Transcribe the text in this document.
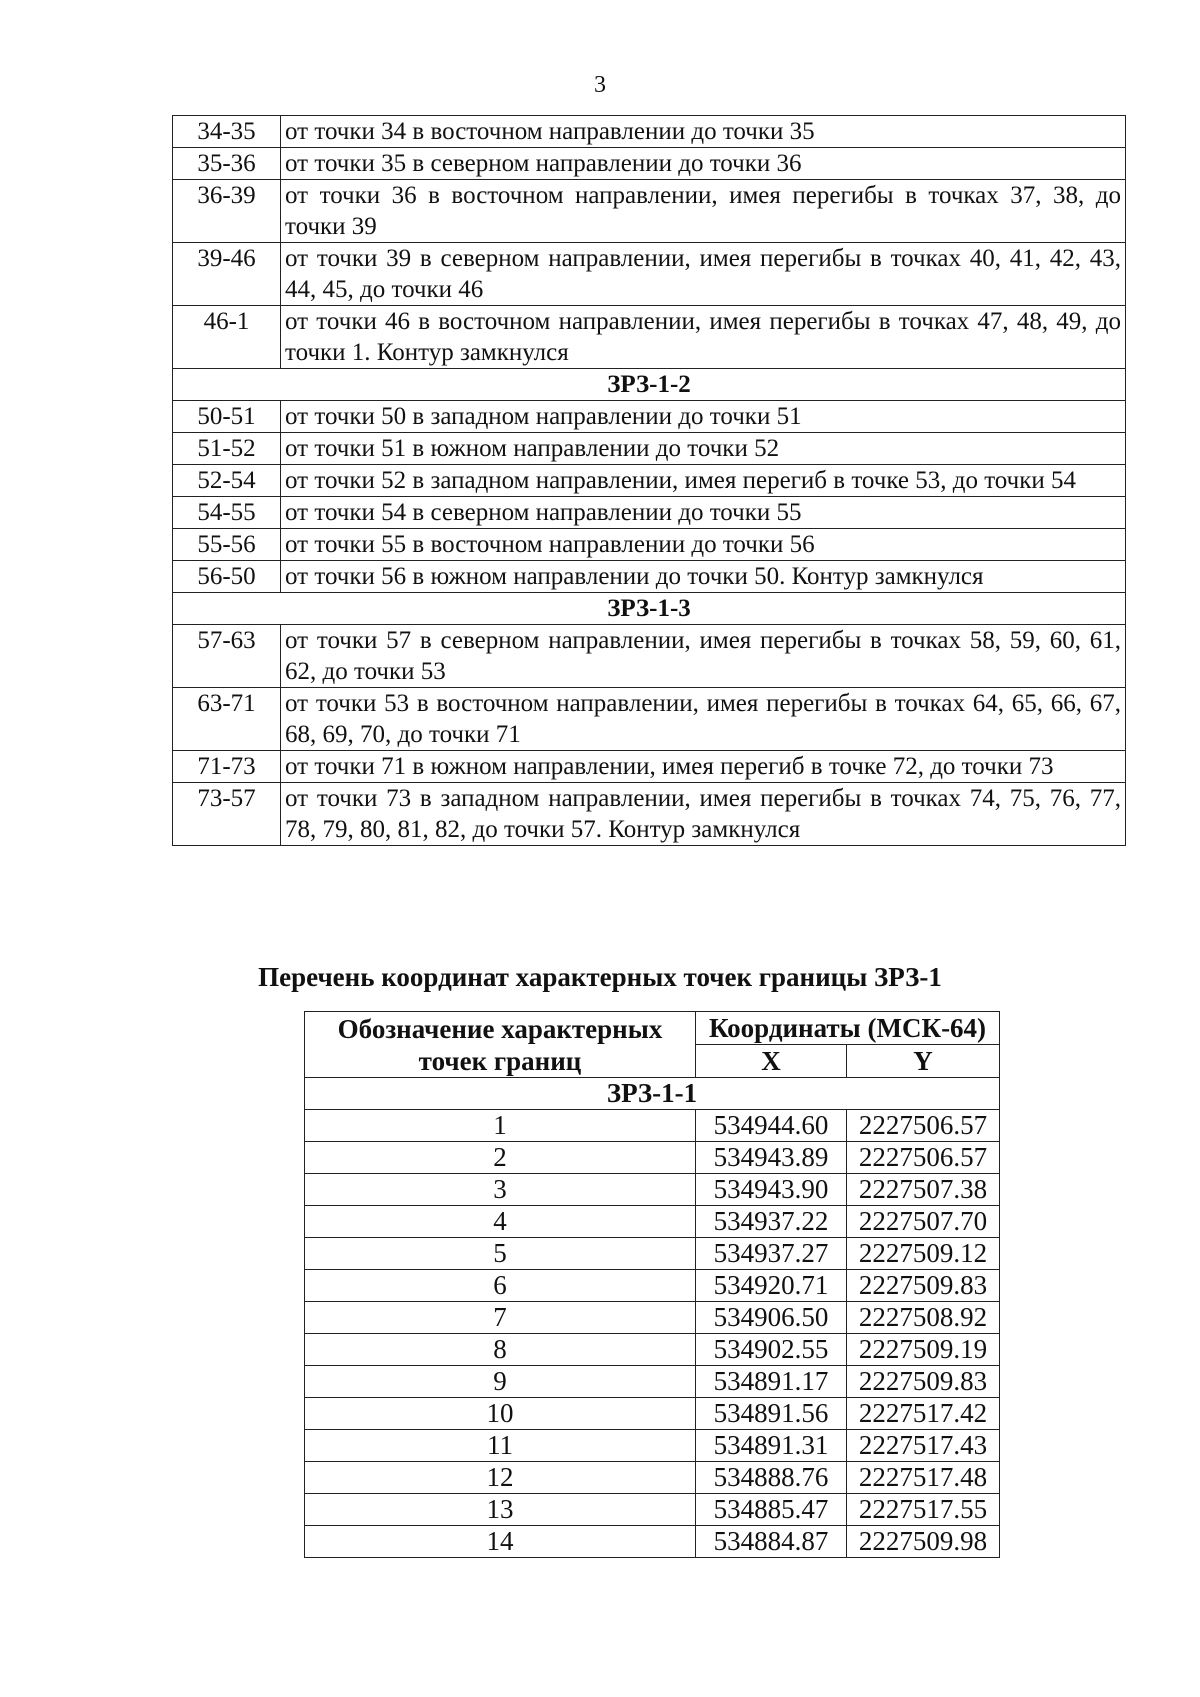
3
34-35	от точки 34 в восточном направлении до точки 35
35-36	от точки 35 в северном направлении до точки 36
36-39	от точки 36 в восточном направлении, имея перегибы в точках 37, 38, до точки 39
39-46	от точки 39 в северном направлении, имея перегибы в точках 40, 41, 42, 43, 44, 45, до точки 46
46-1	от точки 46 в восточном направлении, имея перегибы в точках 47, 48, 49, до точки 1. Контур замкнулся
ЗРЗ-1-2	
50-51	от точки 50 в западном направлении до точки 51
51-52	от точки 51 в южном направлении до точки 52
52-54	от точки 52 в западном направлении, имея перегиб в точке 53, до точки 54
54-55	от точки 54 в северном направлении до точки 55
55-56	от точки 55 в восточном направлении до точки 56
56-50	от точки 56 в южном направлении до точки 50. Контур замкнулся
ЗРЗ-1-3	
57-63	от точки 57 в северном направлении, имея перегибы в точках 58, 59, 60, 61, 62, до точки 53
63-71	от точки 53 в восточном направлении, имея перегибы в точках 64, 65, 66, 67, 68, 69, 70, до точки 71
71-73	от точки 71 в южном направлении, имея перегиб в точке 72, до точки 73
73-57	от точки 73 в западном направлении, имея перегибы в точках 74, 75, 76, 77, 78, 79, 80, 81, 82, до точки 57. Контур замкнулся
Перечень координат характерных точек границы ЗРЗ-1
Обозначение характерных точек границ	Координаты (МСК-64)	
	X	Y
ЗРЗ-1-1		
1	534944.60	2227506.57
2	534943.89	2227506.57
3	534943.90	2227507.38
4	534937.22	2227507.70
5	534937.27	2227509.12
6	534920.71	2227509.83
7	534906.50	2227508.92
8	534902.55	2227509.19
9	534891.17	2227509.83
10	534891.56	2227517.42
11	534891.31	2227517.43
12	534888.76	2227517.48
13	534885.47	2227517.55
14	534884.87	2227509.98
